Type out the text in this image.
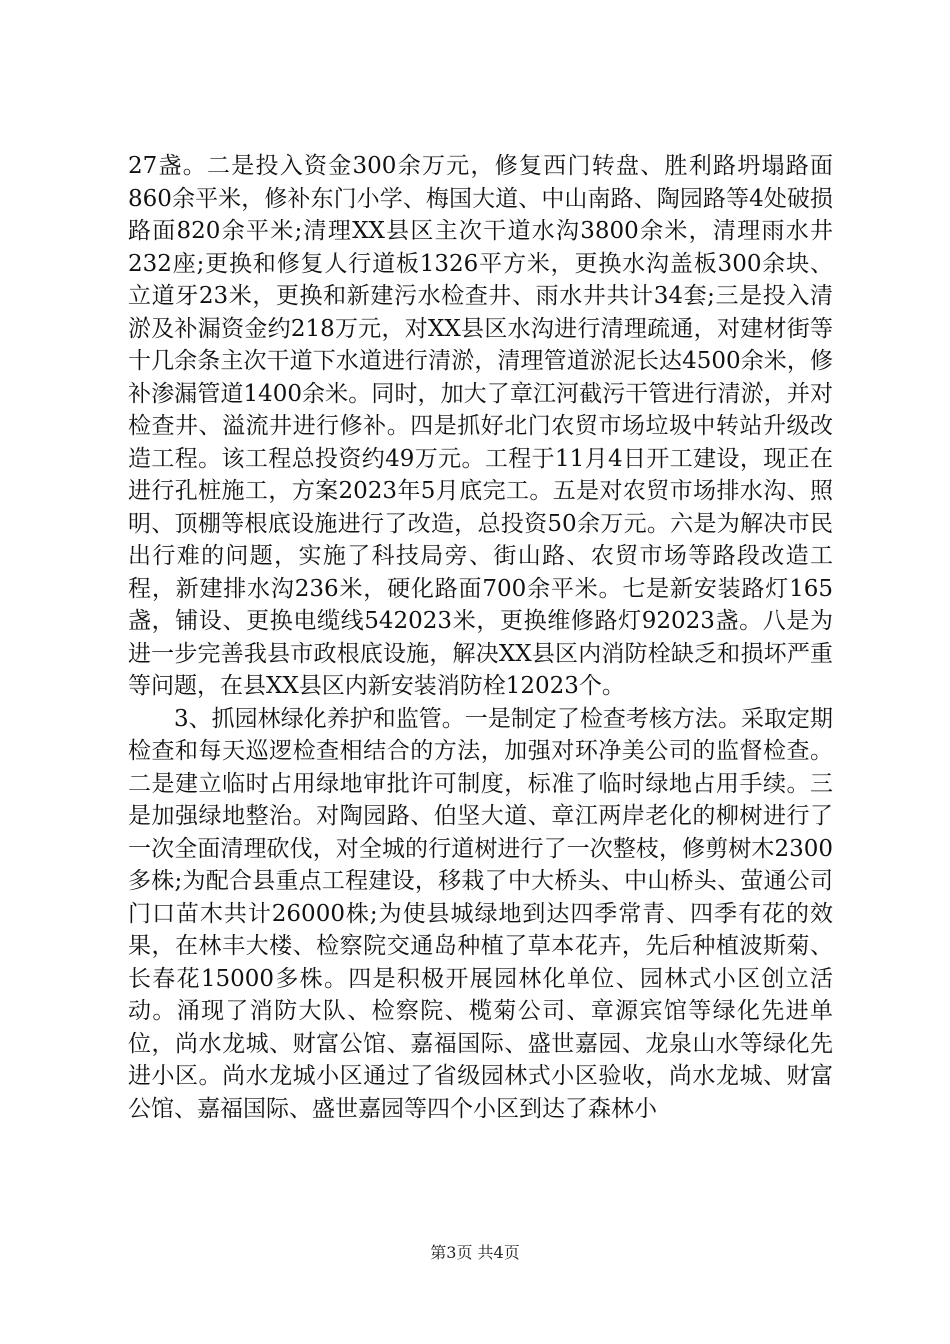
27盏。二是投入资金300余万元，修复西门转盘、胜利路坍塌路面860余平米，修补东门小学、梅国大道、中山南路、陶园路等4处破损路面820余平米;清理XX县区主次干道水沟3800余米，清理雨水井232座;更换和修复人行道板1326平方米，更换水沟盖板300余块、立道牙23米，更换和新建污水检查井、雨水井共计34套;三是投入清淤及补漏资金约218万元，对XX县区水沟进行清理疏通，对建材街等十几余条主次干道下水道进行清淤，清理管道淤泥长达4500余米，修补渗漏管道1400余米。同时，加大了章江河截污干管进行清淤，并对检查井、溢流井进行修补。四是抓好北门农贸市场垃圾中转站升级改造工程。该工程总投资约49万元。工程于11月4日开工建设，现正在进行孔桩施工，方案2023年5月底完工。五是对农贸市场排水沟、照明、顶棚等根底设施进行了改造，总投资50余万元。六是为解决市民出行难的问题，实施了科技局旁、街山路、农贸市场等路段改造工程，新建排水沟236米，硬化路面700余平米。七是新安装路灯165盏，铺设、更换电缆线542023米，更换维修路灯92023盏。八是为进一步完善我县市政根底设施，解决XX县区内消防栓缺乏和损坏严重等问题，在县XX县区内新安装消防栓12023个。

3、抓园林绿化养护和监管。一是制定了检查考核方法。采取定期检查和每天巡逻检查相结合的方法，加强对环净美公司的监督检查。二是建立临时占用绿地审批许可制度，标准了临时绿地占用手续。三是加强绿地整治。对陶园路、伯坚大道、章江两岸老化的柳树进行了一次全面清理砍伐，对全城的行道树进行了一次整枝，修剪树木2300多株;为配合县重点工程建设，移栽了中大桥头、中山桥头、萤通公司门口苗木共计26000株;为使县城绿地到达四季常青、四季有花的效果，在林丰大楼、检察院交通岛种植了草本花卉，先后种植波斯菊、长春花15000多株。四是积极开展园林化单位、园林式小区创立活动。涌现了消防大队、检察院、榄菊公司、章源宾馆等绿化先进单位，尚水龙城、财富公馆、嘉福国际、盛世嘉园、龙泉山水等绿化先进小区。尚水龙城小区通过了省级园林式小区验收，尚水龙城、财富公馆、嘉福国际、盛世嘉园等四个小区到达了森林小

第3页 共4页
